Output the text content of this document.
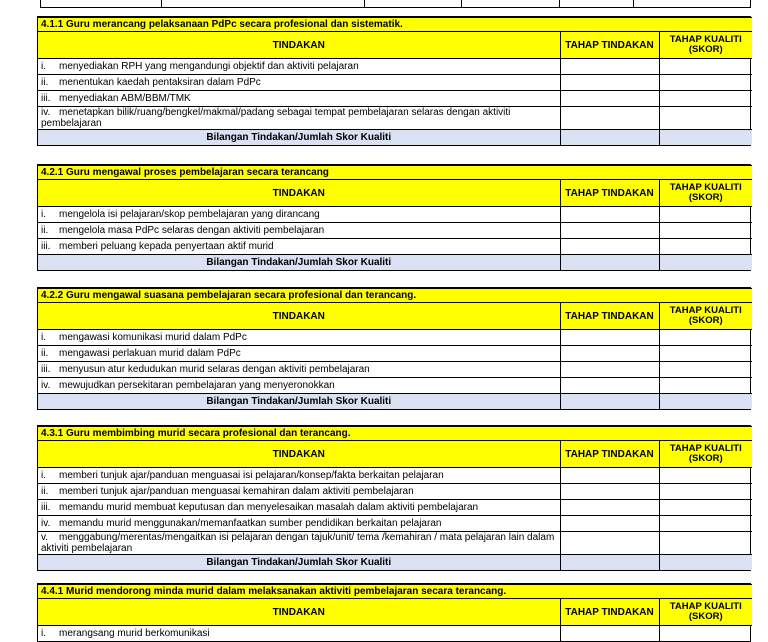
4.1.1 Guru merancang pelaksanaan PdPc secara profesional dan sistematik.		
TINDAKAN	TAHAP TINDAKAN	TAHAP KUALITI (SKOR)
i. menyediakan RPH yang mengandungi objektif dan aktiviti pelajaran		
ii. menentukan kaedah pentaksiran dalam PdPc		
iii. menyediakan ABM/BBM/TMK		
iv. menetapkan bilik/ruang/bengkel/makmal/padang sebagai tempat pembelajaran selaras dengan aktiviti pembelajaran		
Bilangan Tindakan/Jumlah Skor Kualiti		
4.2.1 Guru mengawal proses pembelajaran secara terancang		
TINDAKAN	TAHAP TINDAKAN	TAHAP KUALITI (SKOR)
i. mengelola isi pelajaran/skop pembelajaran yang dirancang		
ii. mengelola masa PdPc selaras dengan aktiviti pembelajaran		
iii. memberi peluang kepada penyertaan aktif murid		
Bilangan Tindakan/Jumlah Skor Kualiti		
4.2.2 Guru mengawal suasana pembelajaran secara profesional dan terancang.		
TINDAKAN	TAHAP TINDAKAN	TAHAP KUALITI (SKOR)
i. mengawasi komunikasi murid dalam PdPc		
ii. mengawasi perlakuan murid dalam PdPc		
iii. menyusun atur kedudukan murid selaras dengan aktiviti pembelajaran		
iv. mewujudkan persekitaran pembelajaran yang menyeronokkan		
Bilangan Tindakan/Jumlah Skor Kualiti		
4.3.1 Guru membimbing murid secara profesional dan terancang.		
TINDAKAN	TAHAP TINDAKAN	TAHAP KUALITI (SKOR)
i. memberi tunjuk ajar/panduan menguasai isi pelajaran/konsep/fakta berkaitan pelajaran		
ii. memberi tunjuk ajar/panduan menguasai kemahiran dalam aktiviti pembelajaran		
iii. memandu murid membuat keputusan dan menyelesaikan masalah dalam aktiviti pembelajaran		
iv. memandu murid menggunakan/memanfaatkan sumber pendidikan berkaitan pelajaran		
v. menggabung/merentas/mengaitkan isi pelajaran dengan tajuk/unit/ tema /kemahiran / mata pelajaran lain dalam aktiviti pembelajaran		
Bilangan Tindakan/Jumlah Skor Kualiti		
4.4.1 Murid mendorong minda murid dalam melaksanakan aktiviti pembelajaran secara terancang.		
TINDAKAN	TAHAP TINDAKAN	TAHAP KUALITI (SKOR)
i. merangsang murid berkomunikasi		
